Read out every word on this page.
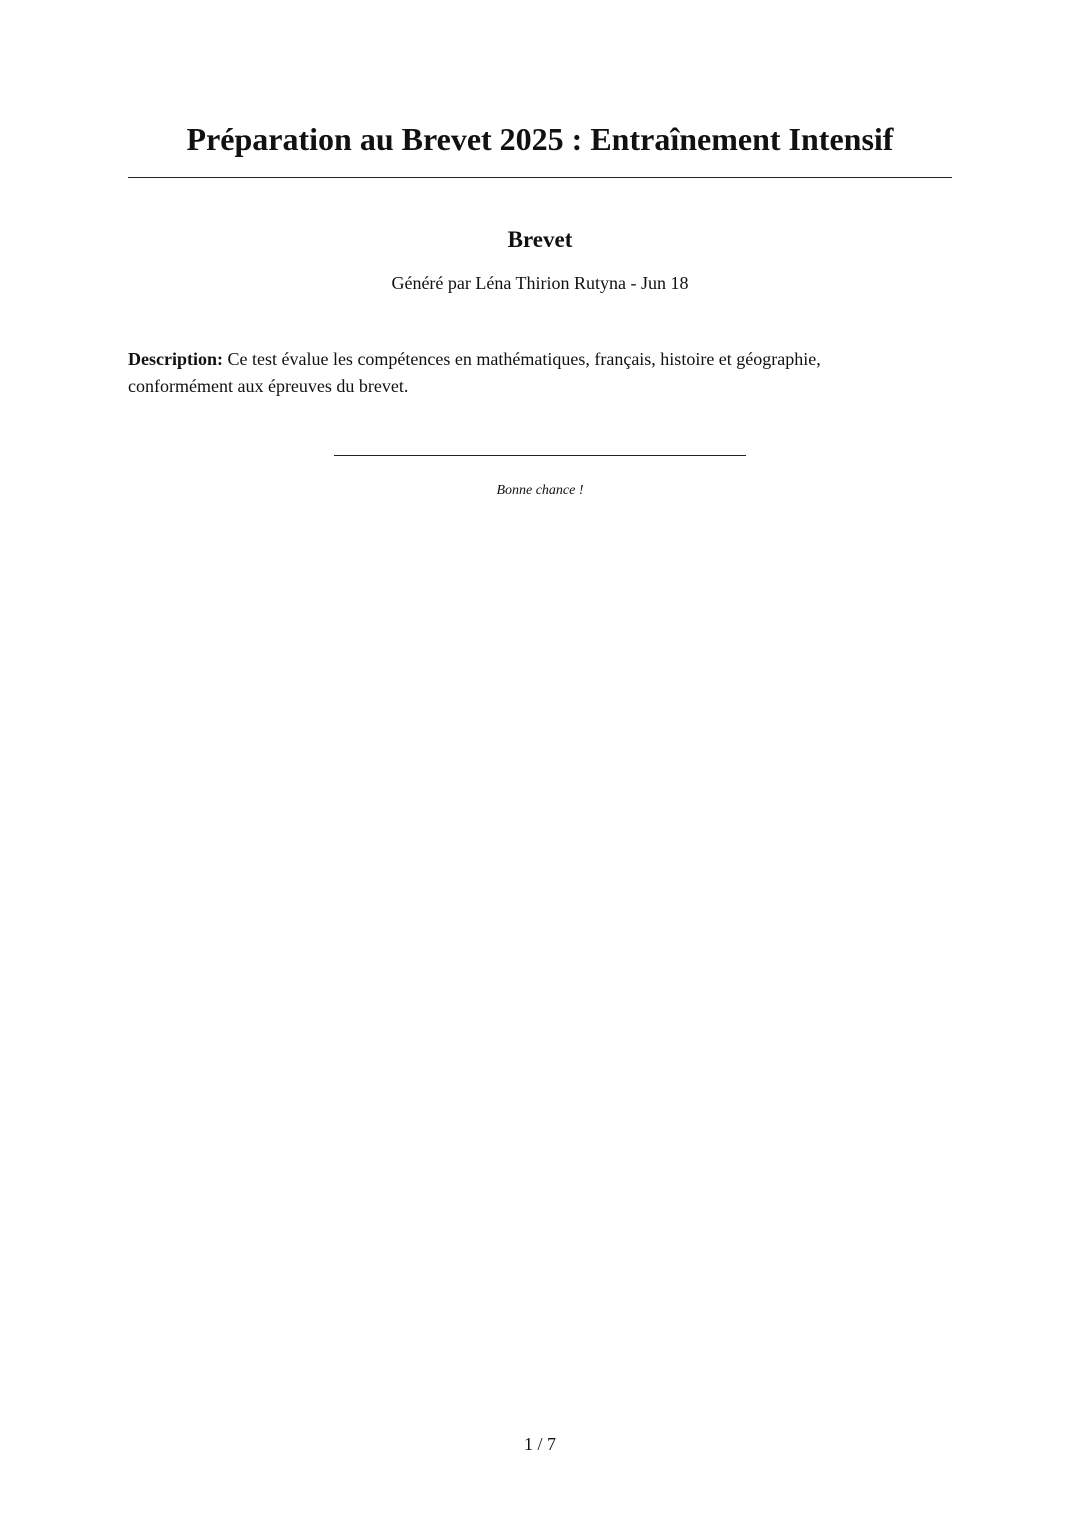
Préparation au Brevet 2025 : Entraînement Intensif
Brevet
Généré par Léna Thirion Rutyna - Jun 18

Description: Ce test évalue les compétences en mathématiques, français, histoire et géographie, conformément aux épreuves du brevet.

Bonne chance !
1 / 7
